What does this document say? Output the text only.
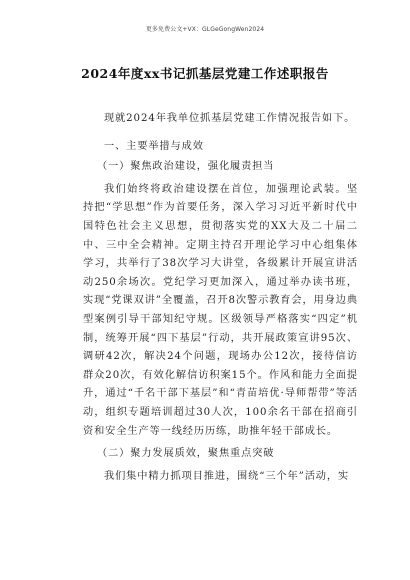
更多免费公文+VX：GLGeGongWen2024
2024年度xx书记抓基层党建工作述职报告

现就2024年我单位抓基层党建工作情况报告如下。

一、主要举措与成效

（一）聚焦政治建设，强化履责担当

我们始终将政治建设摆在首位，加强理论武装。坚持把“学思想”作为首要任务，深入学习习近平新时代中国特色社会主义思想，贯彻落实党的XX大及二十届二中、三中全会精神。定期主持召开理论学习中心组集体学习，共举行了38次学习大讲堂，各级累计开展宣讲活动250余场次。党纪学习更加深入，通过举办读书班，实现“党课双讲”全覆盖，召开8次警示教育会，用身边典型案例引导干部知纪守规。区级领导严格落实“四定”机制，统筹开展“四下基层”行动，共开展政策宣讲95次、调研42次，解决24个问题，现场办公12次，接待信访群众20次，有效化解信访积案15个。作风和能力全面提升，通过“千名干部下基层”和“青苗培优·导师帮带”等活动，组织专题培训超过30人次，100余名干部在招商引资和安全生产等一线经历历练，助推年轻干部成长。

（二）聚力发展质效，聚焦重点突破

我们集中精力抓项目推进，围绕“三个年”活动，实
